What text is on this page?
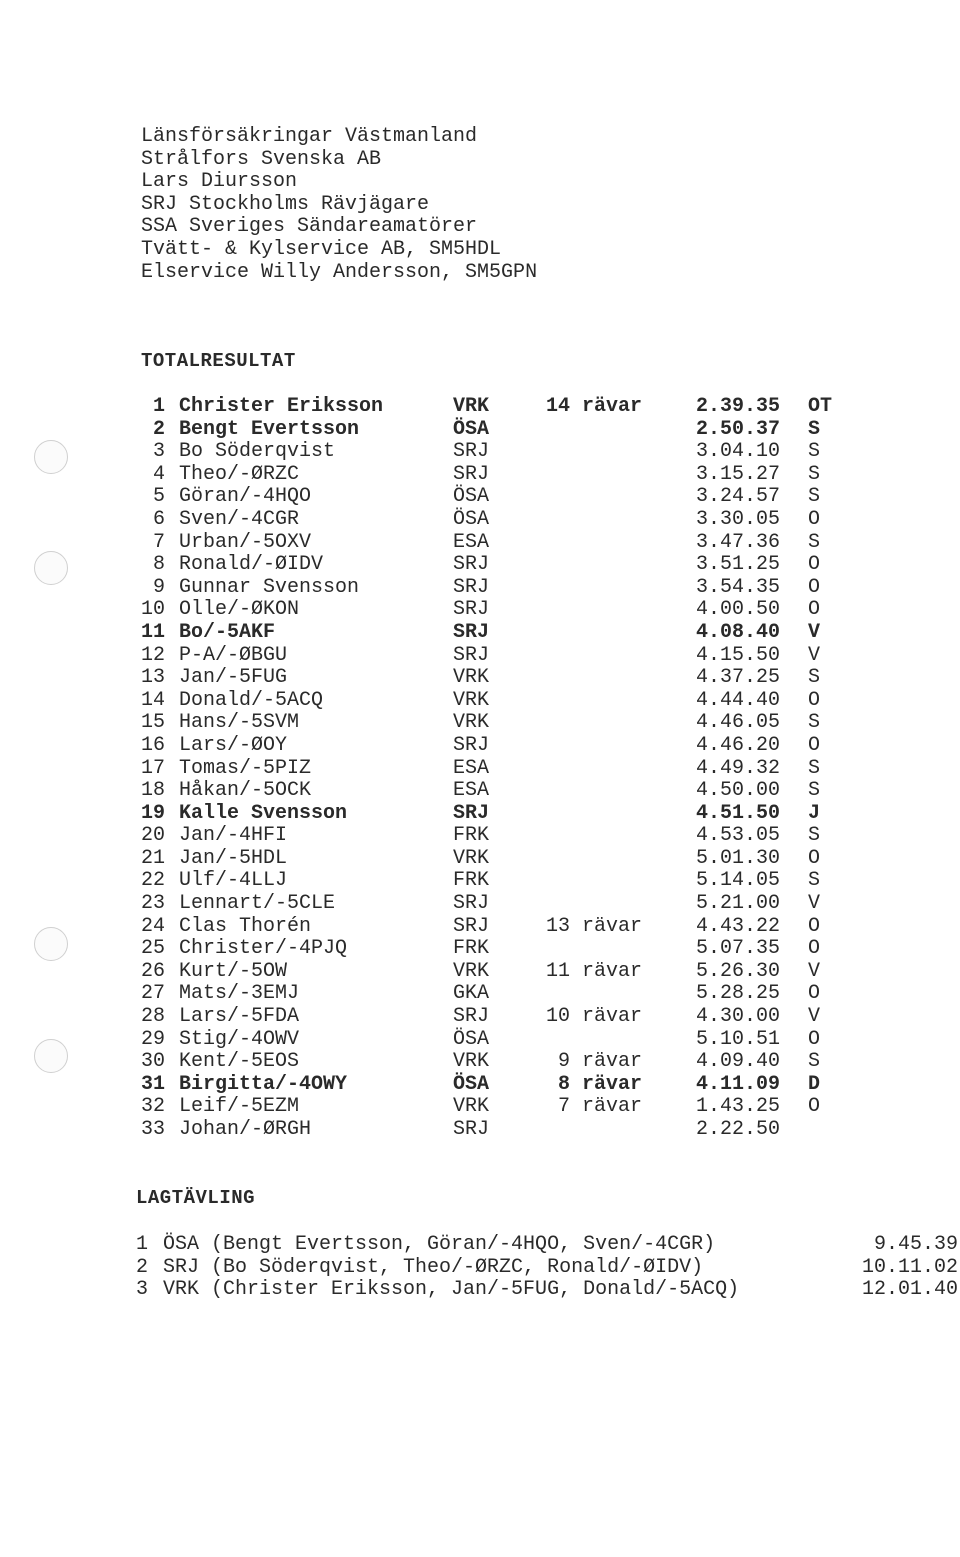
Länsförsäkringar Västmanland
Strålfors Svenska AB
Lars Diursson
SRJ Stockholms Rävjägare
SSA Sveriges Sändareamatörer
Tvätt- & Kylservice AB, SM5HDL
Elservice Willy Andersson, SM5GPN
TOTALRESULTAT
1 Christer Eriksson	VRK	14 rävar	2.39.35 OT
2 Bengt Evertsson	ÖSA	2.50.37 S
3 Bo Söderqvist	SRJ	3.04.10 S
4 Theo/-ØRZC	SRJ	3.15.27 S
5 Göran/-4HQO	ÖSA	3.24.57 S
6 Sven/-4CGR	ÖSA	3.30.05 O
7 Urban/-5OXV	ESA	3.47.36 S
8 Ronald/-ØIDV	SRJ	3.51.25 O
9 Gunnar Svensson	SRJ	3.54.35 O
10 Olle/-ØKON	SRJ	4.00.50 O
11 Bo/-5AKF	SRJ	4.08.40 V
12 P-A/-ØBGU	SRJ	4.15.50 V
13 Jan/-5FUG	VRK	4.37.25 S
14 Donald/-5ACQ	VRK	4.44.40 O
15 Hans/-5SVM	VRK	4.46.05 S
16 Lars/-ØOY	SRJ	4.46.20 O
17 Tomas/-5PIZ	ESA	4.49.32 S
18 Håkan/-5OCK	ESA	4.50.00 S
19 Kalle Svensson	SRJ	4.51.50 J
20 Jan/-4HFI	FRK	4.53.05 S
21 Jan/-5HDL	VRK	5.01.30 O
22 Ulf/-4LLJ	FRK	5.14.05 S
23 Lennart/-5CLE	SRJ	5.21.00 V
24 Clas Thorén	SRJ	13 rävar	4.43.22 O
25 Christer/-4PJQ	FRK	5.07.35 O
26 Kurt/-5OW	VRK	11 rävar	5.26.30 V
27 Mats/-3EMJ	GKA	5.28.25 O
28 Lars/-5FDA	SRJ	10 rävar	4.30.00 V
29 Stig/-4OWV	ÖSA	5.10.51 O
30 Kent/-5EOS	VRK	9 rävar	4.09.40 S
31 Birgitta/-4OWY	ÖSA	8 rävar	4.11.09 D
32 Leif/-5EZM	VRK	7 rävar	1.43.25 O
33 Johan/-ØRGH	SRJ	2.22.50
LAGTÄVLING
1 ÖSA (Bengt Evertsson, Göran/-4HQO, Sven/-4CGR)	9.45.39
2 SRJ (Bo Söderqvist, Theo/-ØRZC, Ronald/-ØIDV)	10.11.02
3 VRK (Christer Eriksson, Jan/-5FUG, Donald/-5ACQ)	12.01.40
